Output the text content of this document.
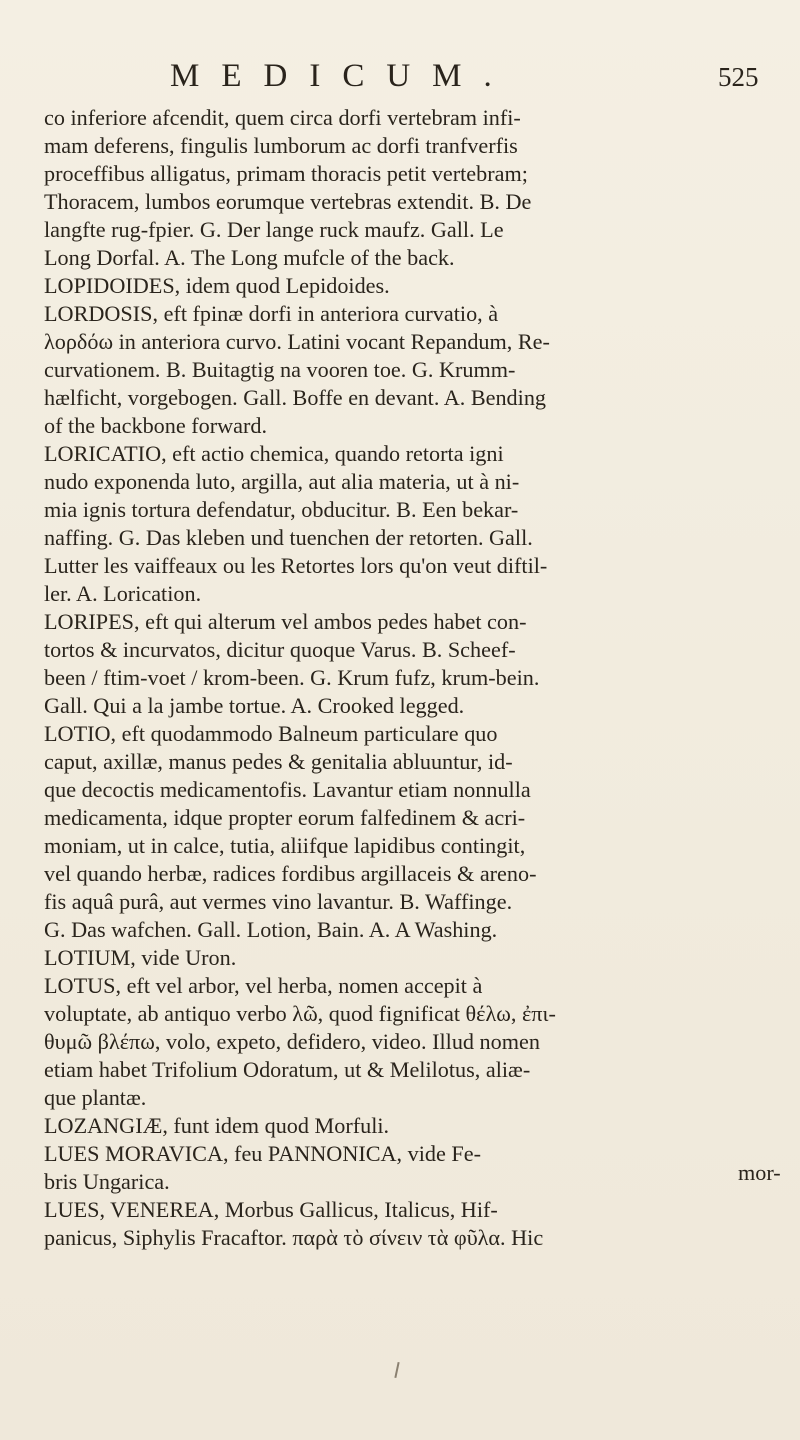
MEDICUM.	525
co inferiore afcendit, quem circa dorfi vertebram infi-
mam deferens, fingulis lumborum ac dorfi tranfverfis
proceffibus alligatus, primam thoracis petit vertebram;
Thoracem, lumbos eorumque vertebras extendit. B. De
langfte rug-fpier. G. Der lange ruck maufz. Gall. Le
Long Dorfal. A. The Long mufcle of the back.
LOPIDOIDES, idem quod Lepidoides.
LORDOSIS, eft fpinæ dorfi in anteriora curvatio, à
λορδόω in anteriora curvo. Latini vocant Repandum, Re-
curvationem. B. Buitagtig na vooren toe. G. Krumm-
hælficht, vorgebogen. Gall. Boffe en devant. A. Bending
of the backbone forward.
LORICATIO, eft actio chemica, quando retorta igni
nudo exponenda luto, argilla, aut alia materia, ut à ni-
mia ignis tortura defendatur, obducitur. B. Een bekar-
naffing. G. Das kleben und tuenchen der retorten. Gall.
Lutter les vaiffeaux ou les Retortes lors qu'on veut diftil-
ler. A. Lorication.
LORIPES, eft qui alterum vel ambos pedes habet con-
tortos & incurvatos, dicitur quoque Varus. B. Scheef-
been / ftim-voet / krom-been. G. Krum fufz, krum-bein.
Gall. Qui a la jambe tortue. A. Crooked legged.
LOTIO, eft quodammodo Balneum particulare quo
caput, axillæ, manus pedes & genitalia abluuntur, id-
que decoctis medicamentofis. Lavantur etiam nonnulla
medicamenta, idque propter eorum falfedinem & acri-
moniam, ut in calce, tutia, aliifque lapidibus contingit,
vel quando herbæ, radices fordibus argillaceis & areno-
fis aquâ purâ, aut vermes vino lavantur. B. Waffinge.
G. Das wafchen. Gall. Lotion, Bain. A. A Washing.
LOTIUM, vide Uron.
LOTUS, eft vel arbor, vel herba, nomen accepit à
voluptate, ab antiquo verbo λῶ, quod fignificat θέλω, ἐπι-
θυμῶ βλέπω, volo, expeto, defidero, video. Illud nomen
etiam habet Trifolium Odoratum, ut & Melilotus, aliæ-
que plantæ.
LOZANGIÆ, funt idem quod Morfuli.
LUES MORAVICA, feu PANNONICA, vide Fe-
bris Ungarica.
LUES, VENEREA, Morbus Gallicus, Italicus, Hif-
panicus, Siphylis Fracaftor. παρὰ τὸ σίνειν τὰ φῦλα. Hic
mor-
